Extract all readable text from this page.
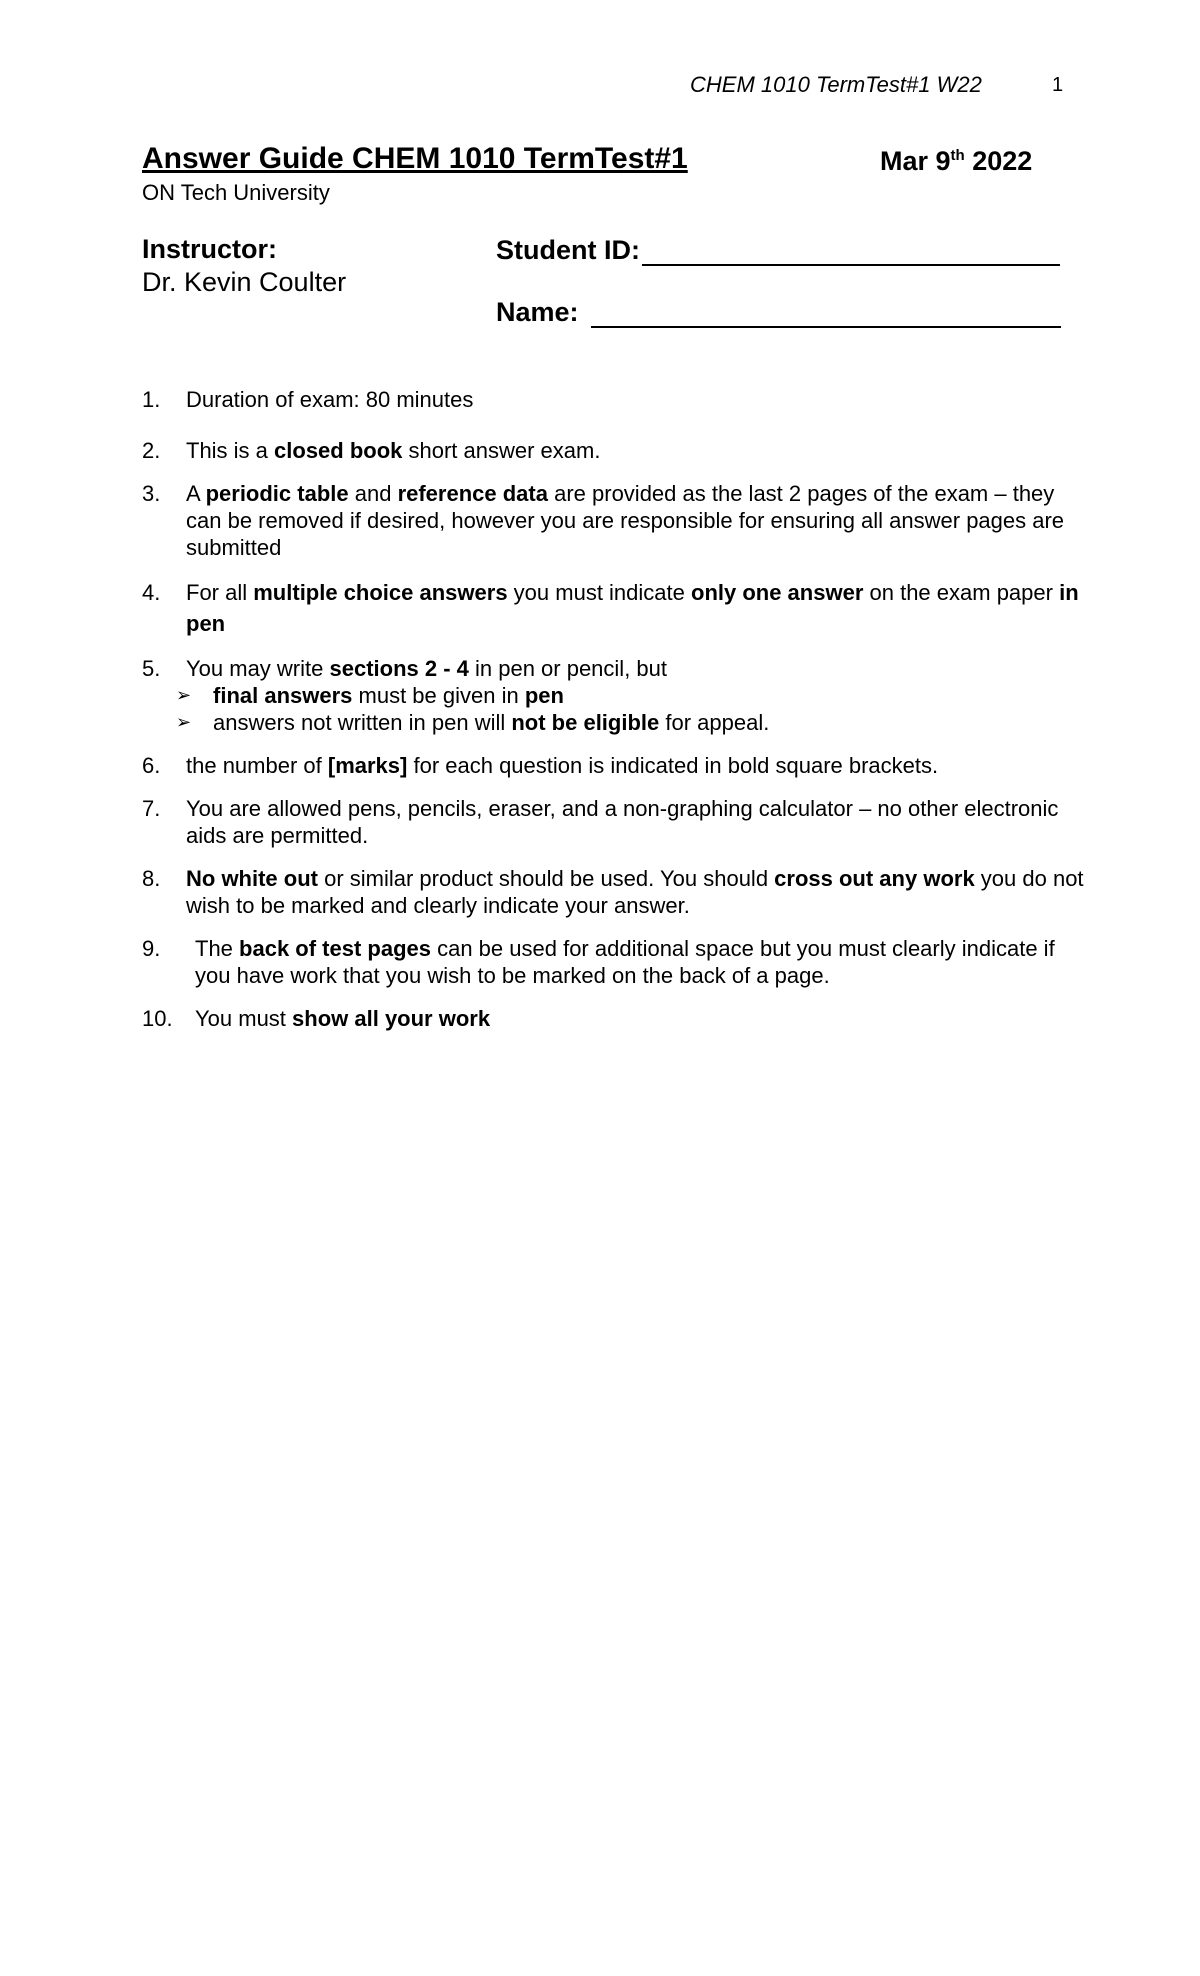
CHEM 1010 TermTest#1 W22	1
Answer Guide CHEM 1010 TermTest#1	Mar 9th 2022
ON Tech University
Instructor:
Dr. Kevin Coulter
Student ID:
Name:
1. Duration of exam: 80 minutes
2. This is a closed book short answer exam.
3. A periodic table and reference data are provided as the last 2 pages of the exam – they can be removed if desired, however you are responsible for ensuring all answer pages are submitted
4. For all multiple choice answers you must indicate only one answer on the exam paper in pen
5. You may write sections 2 - 4 in pen or pencil, but
➢ final answers must be given in pen
➢ answers not written in pen will not be eligible for appeal.
6. the number of [marks] for each question is indicated in bold square brackets.
7. You are allowed pens, pencils, eraser, and a non-graphing calculator – no other electronic aids are permitted.
8. No white out or similar product should be used. You should cross out any work you do not wish to be marked and clearly indicate your answer.
9. The back of test pages can be used for additional space but you must clearly indicate if you have work that you wish to be marked on the back of a page.
10. You must show all your work
